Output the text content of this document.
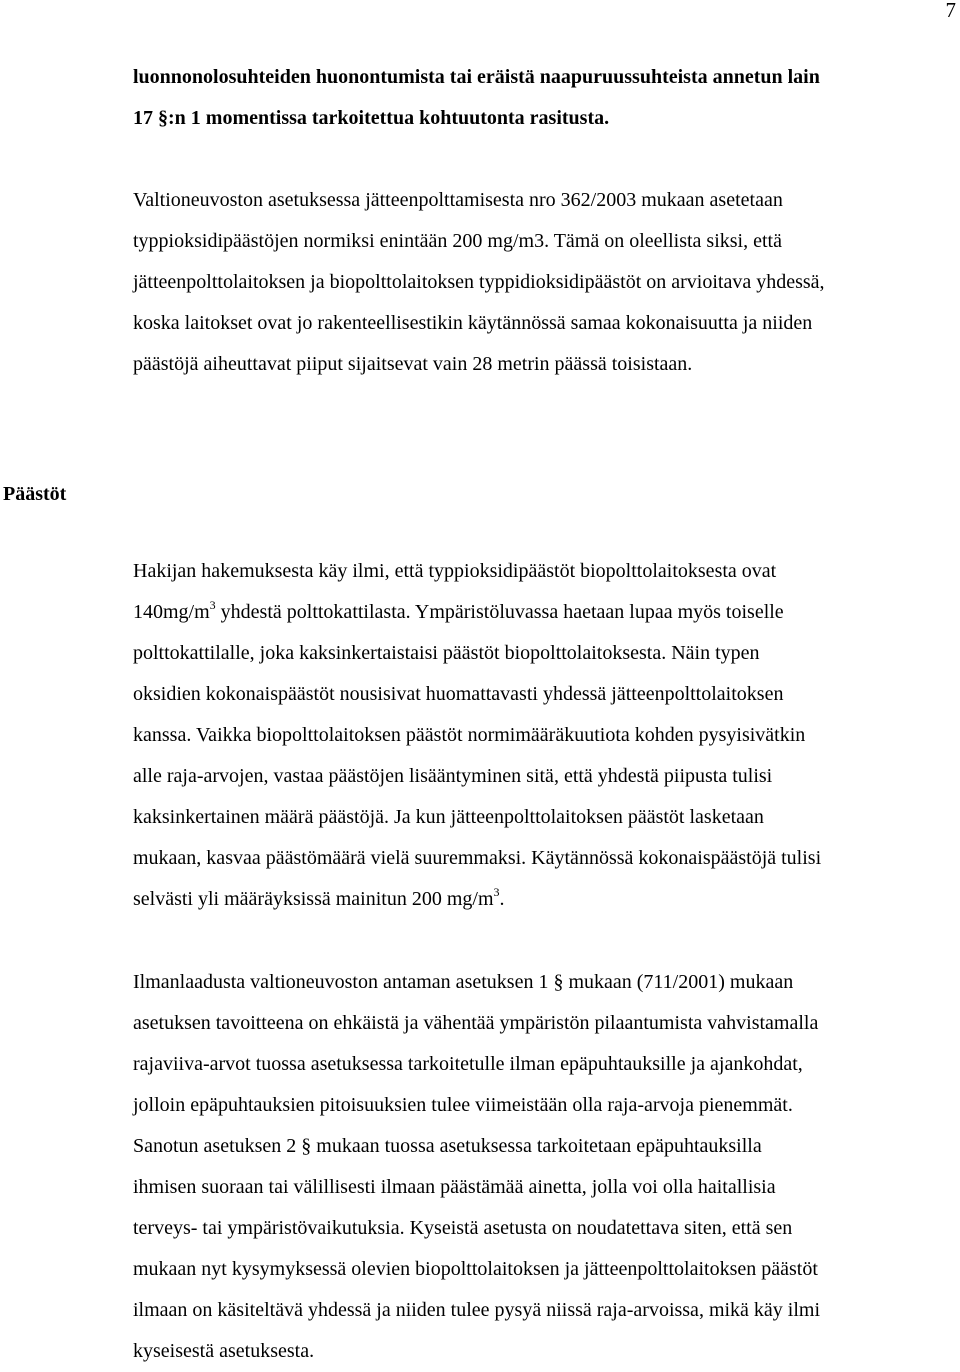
7
luonnonolosuhteiden huonontumista tai eräistä naapuruussuhteista annetun lain
17 §:n 1 momentissa tarkoitettua kohtuutonta rasitusta.
Valtioneuvoston asetuksessa jätteenpolttamisesta nro 362/2003 mukaan asetetaan
typpioksidipäästöjen normiksi enintään 200 mg/m3. Tämä on oleellista siksi, että
jätteenpolttolaitoksen ja biopolttolaitoksen typpidioksidipäästöt on arvioitava yhdessä,
koska laitokset ovat jo rakenteellisestikin käytännössä samaa kokonaisuutta ja niiden
päästöjä aiheuttavat piiput sijaitsevat vain 28 metrin päässä toisistaan.
Päästöt
Hakijan hakemuksesta käy ilmi, että typpioksidipäästöt biopolttolaitoksesta ovat
$140mg/m^3$ yhdestä polttokattilasta. Ympäristöluvassa haetaan lupaa myös toiselle
polttokattilalle, joka kaksinkertaistaisi päästöt biopolttolaitoksesta. Näin typen
oksidien kokonaispäästöt nousisivat huomattavasti yhdessä jätteenpolttolaitoksen
kanssa. Vaikka biopolttolaitoksen päästöt normimääräkuutiota kohden pysyisivätkin
alle raja-arvojen, vastaa päästöjen lisääntyminen sitä, että yhdestä piipusta tulisi
kaksinkertainen määrä päästöjä. Ja kun jätteenpolttolaitoksen päästöt lasketaan
mukaan, kasvaa päästömäärä vielä suuremmaksi. Käytännössä kokonaispäästöjä tulisi
selvästi yli määräyksissä mainitun 200 $mg/m^3$.
Ilmanlaadusta valtioneuvoston antaman asetuksen 1 § mukaan (711/2001) mukaan
asetuksen tavoitteena on ehkäistä ja vähentää ympäristön pilaantumista vahvistamalla
rajaviiva-arvot tuossa asetuksessa tarkoitetulle ilman epäpuhtauksille ja ajankohdat,
jolloin epäpuhtauksien pitoisuuksien tulee viimeistään olla raja-arvoja pienemmät.
Sanotun asetuksen 2 § mukaan tuossa asetuksessa tarkoitetaan epäpuhtauksilla
ihmisen suoraan tai välillisesti ilmaan päästämää ainetta, jolla voi olla haitallisia
terveys- tai ympäristövaikutuksia. Kyseistä asetusta on noudatettava siten, että sen
mukaan nyt kysymyksessä olevien biopolttolaitoksen ja jätteenpolttolaitoksen päästöt
ilmaan on käsiteltävä yhdessä ja niiden tulee pysyä niissä raja-arvoissa, mikä käy ilmi
kyseisestä asetuksesta.
